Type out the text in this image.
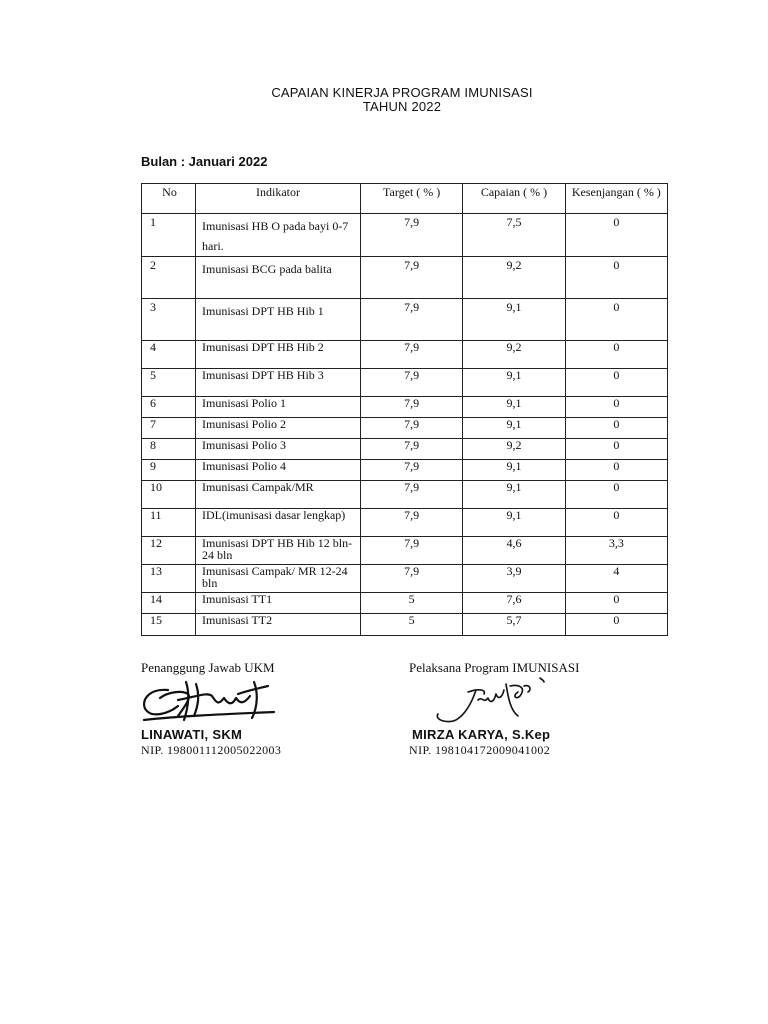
CAPAIAN KINERJA PROGRAM IMUNISASI
TAHUN 2022
Bulan : Januari 2022
No	Indikator	Target ( % )	Capaian ( % )	Kesenjangan ( % )
1	Imunisasi HB O pada bayi 0-7 hari.	7,9	7,5	0
2	Imunisasi BCG pada balita	7,9	9,2	0
3	Imunisasi DPT HB Hib 1	7,9	9,1	0
4	Imunisasi DPT HB Hib 2	7,9	9,2	0
5	Imunisasi DPT HB Hib 3	7,9	9,1	0
6	Imunisasi Polio 1	7,9	9,1	0
7	Imunisasi Polio 2	7,9	9,1	0
8	Imunisasi Polio 3	7,9	9,2	0
9	Imunisasi Polio 4	7,9	9,1	0
10	Imunisasi Campak/MR	7,9	9,1	0
11	IDL(imunisasi dasar lengkap)	7,9	9,1	0
12	Imunisasi DPT HB Hib 12 bln-24 bln	7,9	4,6	3,3
13	Imunisasi Campak/ MR 12-24 bln	7,9	3,9	4
14	Imunisasi TT1	5	7,6	0
15	Imunisasi TT2	5	5,7	0
Penanggung Jawab UKM	Pelaksana Program IMUNISASI
LINAWATI, SKM	MIRZA KARYA, S.Kep
NIP. 198001112005022003	NIP. 198104172009041002
